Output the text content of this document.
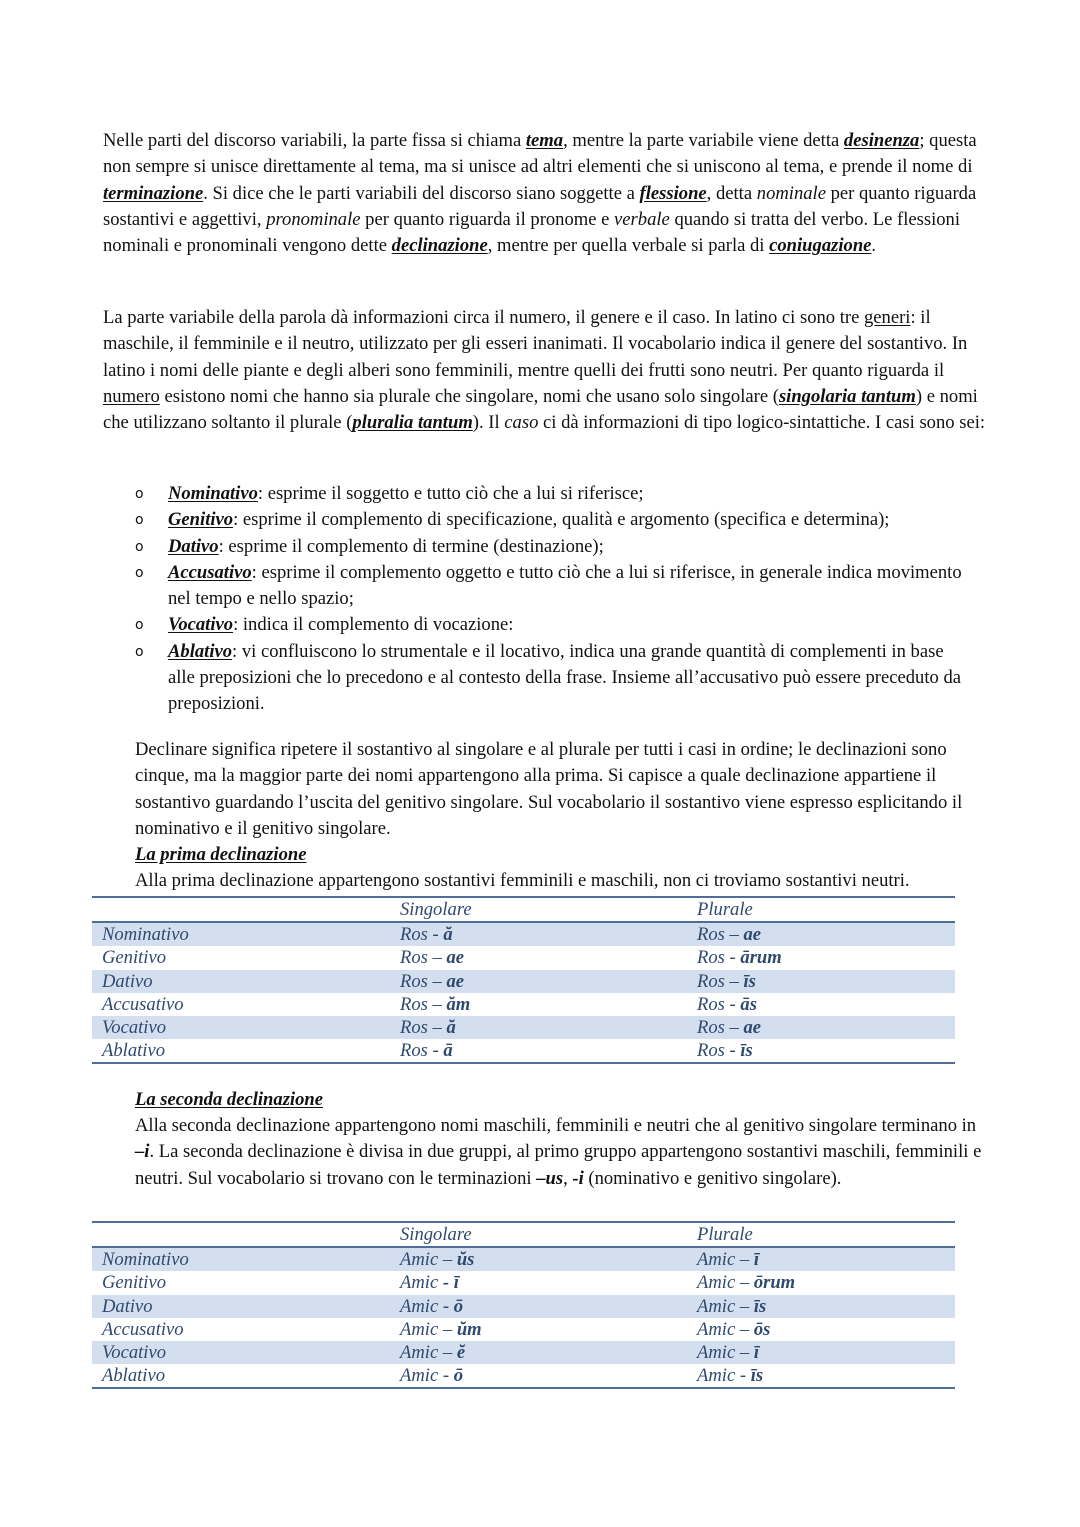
Nelle parti del discorso variabili, la parte fissa si chiama tema, mentre la parte variabile viene detta desinenza; questa non sempre si unisce direttamente al tema, ma si unisce ad altri elementi che si uniscono al tema, e prende il nome di terminazione. Si dice che le parti variabili del discorso siano soggette a flessione, detta nominale per quanto riguarda sostantivi e aggettivi, pronominale per quanto riguarda il pronome e verbale quando si tratta del verbo. Le flessioni nominali e pronominali vengono dette declinazione, mentre per quella verbale si parla di coniugazione.

La parte variabile della parola dà informazioni circa il numero, il genere e il caso. In latino ci sono tre generi: il maschile, il femminile e il neutro, utilizzato per gli esseri inanimati. Il vocabolario indica il genere del sostantivo. In latino i nomi delle piante e degli alberi sono femminili, mentre quelli dei frutti sono neutri. Per quanto riguarda il numero esistono nomi che hanno sia plurale che singolare, nomi che usano solo singolare (singolaria tantum) e nomi che utilizzano soltanto il plurale (pluralia tantum). Il caso ci dà informazioni di tipo logico-sintattiche. I casi sono sei:

o Nominativo: esprime il soggetto e tutto ciò che a lui si riferisce;
o Genitivo: esprime il complemento di specificazione, qualità e argomento (specifica e determina);
o Dativo: esprime il complemento di termine (destinazione);
o Accusativo: esprime il complemento oggetto e tutto ciò che a lui si riferisce, in generale indica movimento nel tempo e nello spazio;
o Vocativo: indica il complemento di vocazione:
o Ablativo: vi confluiscono lo strumentale e il locativo, indica una grande quantità di complementi in base alle preposizioni che lo precedono e al contesto della frase. Insieme all’accusativo può essere preceduto da preposizioni.

Declinare significa ripetere il sostantivo al singolare e al plurale per tutti i casi in ordine; le declinazioni sono cinque, ma la maggior parte dei nomi appartengono alla prima. Si capisce a quale declinazione appartiene il sostantivo guardando l’uscita del genitivo singolare. Sul vocabolario il sostantivo viene espresso esplicitando il nominativo e il genitivo singolare.

La prima declinazione

Alla prima declinazione appartengono sostantivi femminili e maschili, non ci troviamo sostantivi neutri.

	Singolare	Plurale
Nominativo	Ros - ă	Ros – ae
Genitivo	Ros – ae	Ros - ārum
Dativo	Ros – ae	Ros – īs
Accusativo	Ros – ăm	Ros - ās
Vocativo	Ros – ă	Ros – ae
Ablativo	Ros - ā	Ros - īs

La seconda declinazione

Alla seconda declinazione appartengono nomi maschili, femminili e neutri che al genitivo singolare terminano in –i. La seconda declinazione è divisa in due gruppi, al primo gruppo appartengono sostantivi maschili, femminili e neutri. Sul vocabolario si trovano con le terminazioni –us, -i (nominativo e genitivo singolare).

	Singolare	Plurale
Nominativo	Amic – ŭs	Amic – ī
Genitivo	Amic - ī	Amic – ōrum
Dativo	Amic - ō	Amic – īs
Accusativo	Amic – ŭm	Amic – ōs
Vocativo	Amic – ĕ	Amic – ī
Ablativo	Amic - ō	Amic - īs
